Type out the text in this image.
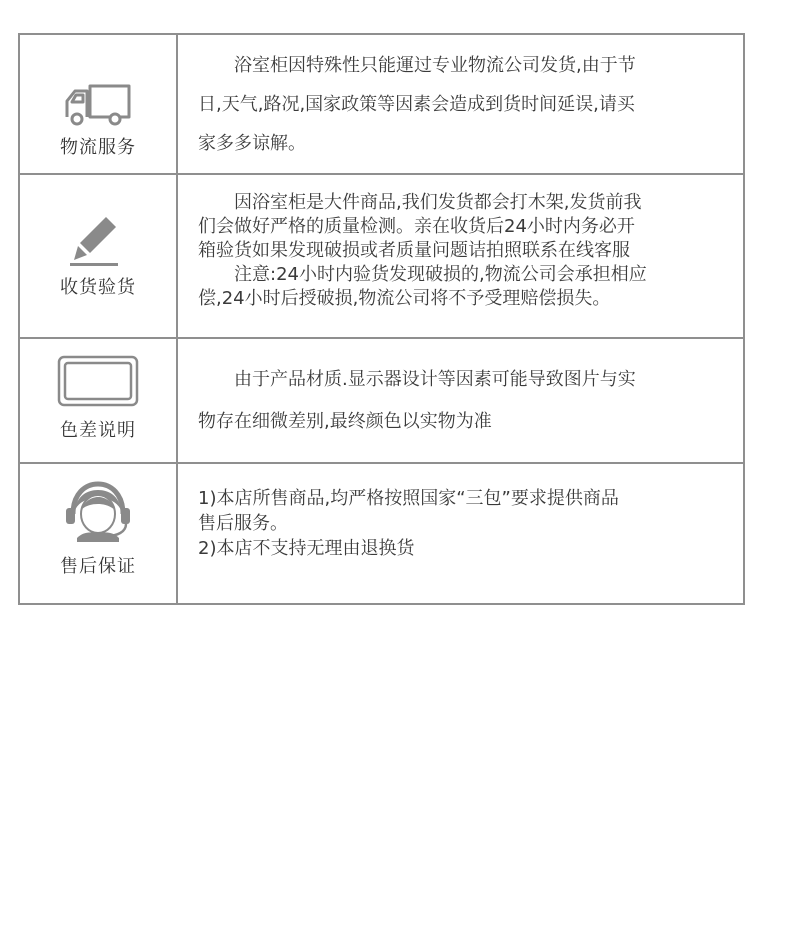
物流服务

浴室柜因特殊性只能運过专业物流公司发货,由于节

日,天气,路况,国家政策等因素会造成到货时间延误,请买

家多多谅解。

收货验货

因浴室柜是大件商品,我们发货都会打木架,发货前我

们会做好严格的质量检测。亲在收货后24小时内务必开

箱验货如果发现破损或者质量问题诘拍照联系在线客服

注意:24小时内验货发现破损的,物流公司会承担相应

偿,24小时后授破损,物流公司将不予受理赔偿损失。

色差说明

由于产品材质.显示器设计等因素可能导致图片与实

物存在细微差别,最终颜色以实物为准

售后保证

1)本店所售商品,均严格按照国家“三包”要求提供商品

售后服务。

2)本店不支持无理由退换货
